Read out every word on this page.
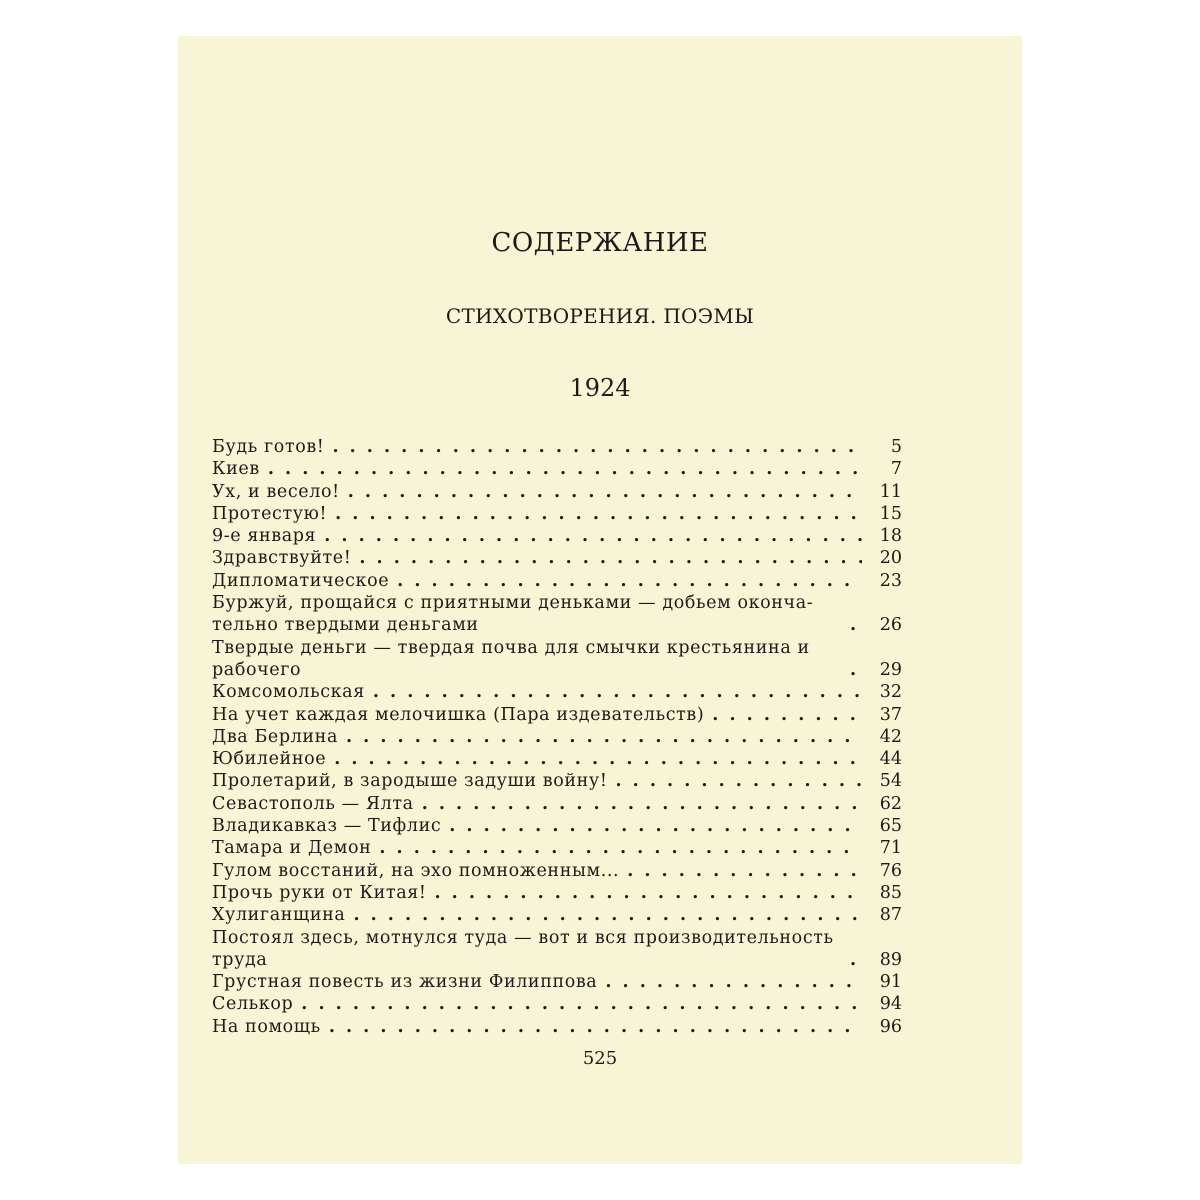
СОДЕРЖАНИЕ
СТИХОТВОРЕНИЯ. ПОЭМЫ
1924
Будь готов! . . .	5
Киев . . .	7
Ух, и весело! . . .	11
Протестую! . . .	15
9-е января . . .	18
Здравствуйте! . . .	20
Дипломатическое . . .	23
Буржуй, прощайся с приятными деньками — добьем окончательно твердыми деньгами . . .	26
Твердые деньги — твердая почва для смычки крестьянина и рабочего . . .	29
Комсомольская . . .	32
На учет каждая мелочишка (Пара издевательств) . . .	37
Два Берлина . . .	42
Юбилейное . . .	44
Пролетарий, в зародыше задуши войну! . . .	54
Севастополь — Ялта . . .	62
Владикавказ — Тифлис . . .	65
Тамара и Демон . . .	71
Гулом восстаний, на эхо помноженным... . . .	76
Прочь руки от Китая! . . .	85
Хулиганщина . . .	87
Постоял здесь, мотнулся туда — вот и вся производительность труда . . .	89
Грустная повесть из жизни Филиппова . . .	91
Селькор . . .	94
На помощь . . .	96
525
